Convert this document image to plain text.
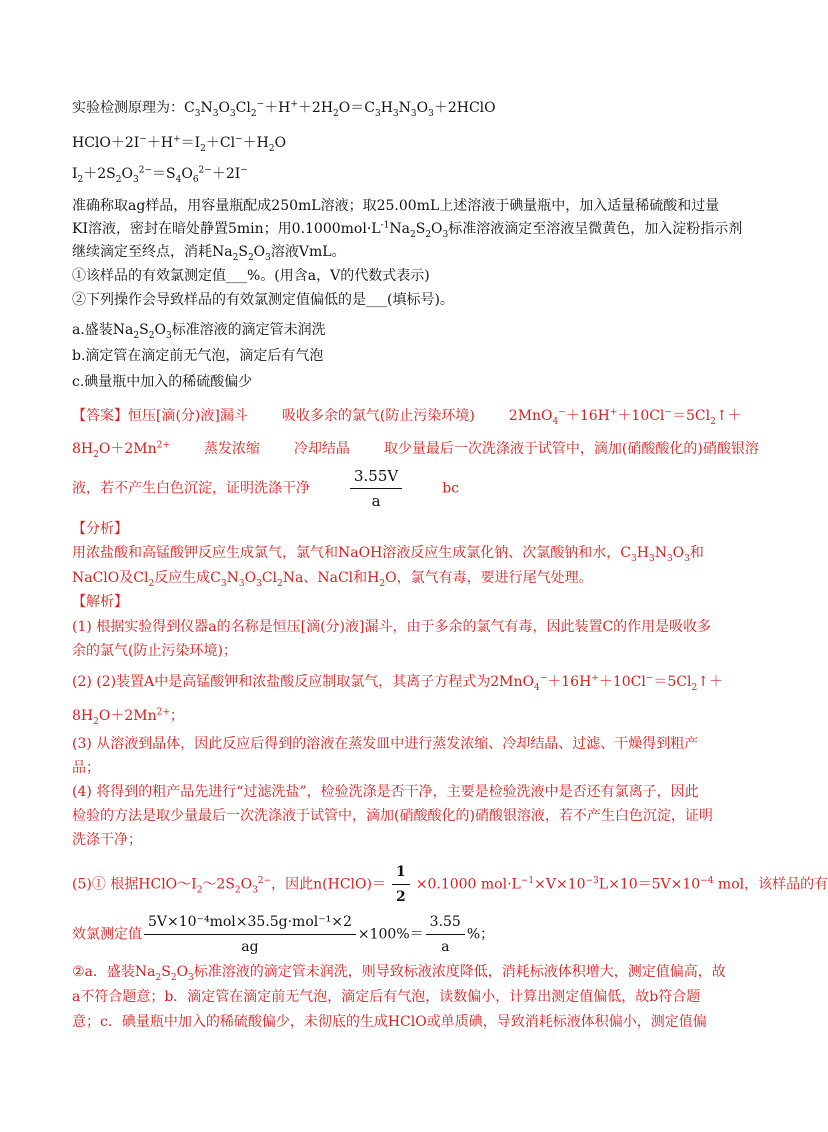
实验检测原理为：$C_3N_3O_3Cl_2^-+H^++2H_2O=C_3H_3N_3O_3+2HClO$
$HClO+2I^-+H^+=I_2+Cl^-+H_2O$
$I_2+2S_2O_3^{2-}=S_4O_6^{2-}+2I^-$
准确称取ag样品，用容量瓶配成250mL溶液；取25.00mL上述溶液于碘量瓶中，加入适量稀硫酸和过量
KI溶液，密封在暗处静置5min；用$0.1000mol\cdot L^{-1}Na_2S_2O_3$标准溶液滴定至溶液呈微黄色，加入淀粉指示剂
继续滴定至终点，消耗$Na_2S_2O_3$溶液VmL。
①该样品的有效氯测定值___%。(用含a，V的代数式表示)
②下列操作会导致样品的有效氯测定值偏低的是___(填标号)。
a.盛装$Na_2S_2O_3$标准溶液的滴定管未润洗
b.滴定管在滴定前无气泡，滴定后有气泡
c.碘量瓶中加入的稀硫酸偏少
【答案】恒压[滴(分)液]漏斗 吸收多余的氯气(防止污染环境) $2MnO_4^-+16H^++10Cl^-=5Cl_2↑+$
$8H_2O+2Mn^{2+}$ 蒸发浓缩 冷却结晶 取少量最后一次洗涤液于试管中，滴加(硝酸酸化的)硝酸银溶
液，若不产生白色沉淀，证明洗涤干净	$\frac{3.55V}{a}$	bc
【分析】
用浓盐酸和高锰酸钾反应生成氯气，氯气和NaOH溶液反应生成氯化钠、次氯酸钠和水，$C_3H_3N_3O_3$和
NaClO及$Cl_2$反应生成$C_3N_3O_3Cl_2Na$、NaCl和$H_2O$，氯气有毒，要进行尾气处理。
【解析】
(1) 根据实验得到仪器a的名称是恒压[滴(分)液]漏斗，由于多余的氯气有毒，因此装置C的作用是吸收多
余的氯气(防止污染环境)；
(2) (2)装置A中是高锰酸钾和浓盐酸反应制取氯气，其离子方程式为$2MnO_4^-+16H^++10Cl^-=5Cl_2↑+$
$8H_2O+2Mn^{2+}$；
(3) 从溶液到晶体，因此反应后得到的溶液在蒸发皿中进行蒸发浓缩、冷却结晶、过滤、干燥得到粗产
品；
(4) 将得到的粗产品先进行“过滤洗盐”，检验洗涤是否干净，主要是检验洗液中是否还有氯离子，因此
检验的方法是取少量最后一次洗涤液于试管中，滴加(硝酸酸化的)硝酸银溶液，若不产生白色沉淀，证明
洗涤干净；
(5)① 根据$HClO\sim I_2\sim 2S_2O_3^{2-}$，因此n(HClO)＝ $\frac{1}{2} \times 0.1000$ $mol\cdot L^{-1}\times V\times 10^{-3}L\times 10=5V\times 10^{-4}$ mol，该样品的有
效氯测定值 $\frac{\text{5V×10⁻⁴mol×35.5g·mol⁻¹×2}}{ag} \times 100\%= \frac{3.55}{a}$ %；
②a．盛装$Na_2S_2O_3$标准溶液的滴定管未润洗，则导致标液浓度降低，消耗标液体积增大，测定值偏高，故
a不符合题意；b．滴定管在滴定前无气泡，滴定后有气泡，读数偏小，计算出测定值偏低，故b符合题
意；c．碘量瓶中加入的稀硫酸偏少，未彻底的生成HClO或单质碘，导致消耗标液体积偏小，测定值偏
